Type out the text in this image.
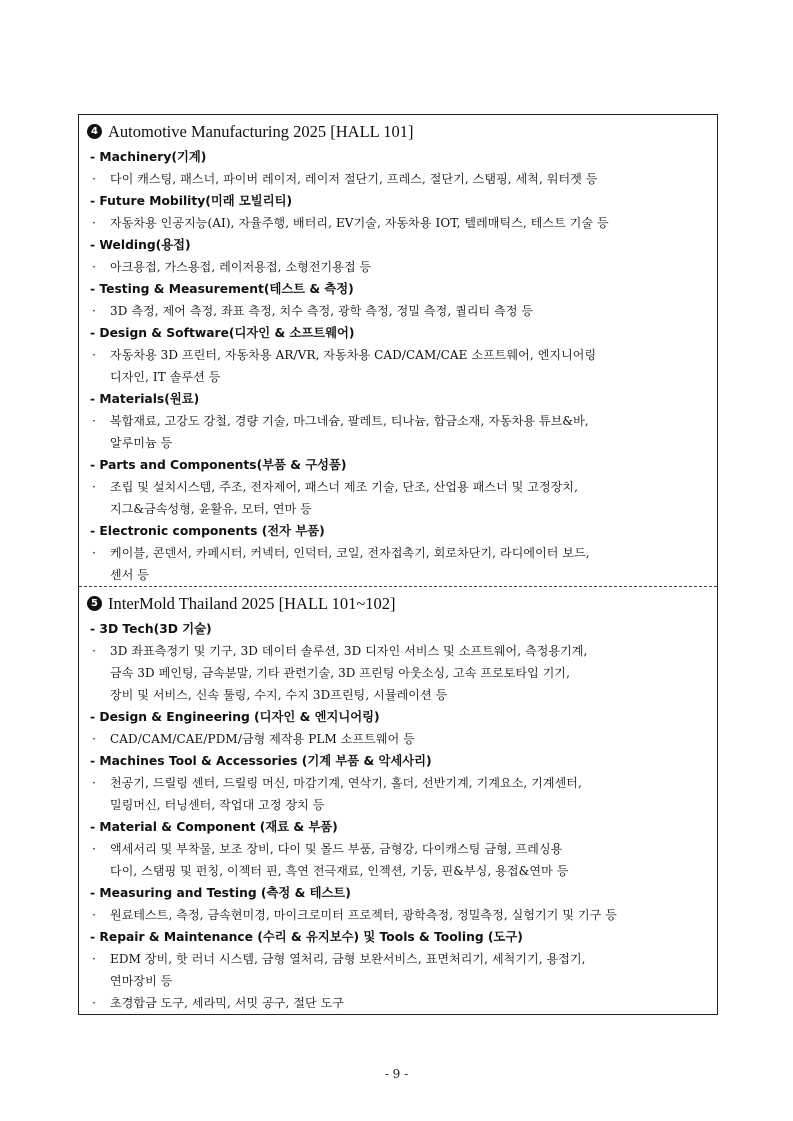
4 Automotive Manufacturing 2025 [HALL 101]
- Machinery(기계)
·	다이 캐스팅, 패스너, 파이버 레이저, 레이저 절단기, 프레스, 절단기, 스탬핑, 세척, 워터젯 등
- Future Mobility(미래 모빌리티)
·	자동차용 인공지능(AI), 자율주행, 배터리, EV기술, 자동차용 IOT, 텔레매틱스, 테스트 기술 등
- Welding(용접)
·	아크용접, 가스용접, 레이저용접, 소형전기용접 등
- Testing & Measurement(테스트 & 측정)
·	3D 측정, 제어 측정, 좌표 측정, 치수 측정, 광학 측정, 정밀 측정, 퀄리티 측정 등
- Design & Software(디자인 & 소프트웨어)
·	자동차용 3D 프린터, 자동차용 AR/VR, 자동차용 CAD/CAM/CAE 소프트웨어, 엔지니어링
디자인, IT 솔루션 등
- Materials(원료)
·	복합재료, 고강도 강철, 경량 기술, 마그네슘, 팔레트, 티나늄, 합금소재, 자동차용 튜브&바,
알루미늄 등
- Parts and Components(부품 & 구성품)
·	조립 및 설치시스템, 주조, 전자제어, 패스너 제조 기술, 단조, 산업용 패스너 및 고정장치,
지그&금속성형, 윤활유, 모터, 연마 등
- Electronic components (전자 부품)
·	케이블, 콘덴서, 카페시터, 커넥터, 인덕터, 코일, 전자접촉기, 회로차단기, 라디에이터 보드,
센서 등
5 InterMold Thailand 2025 [HALL 101~102]
- 3D Tech(3D 기술)
·	3D 좌표측정기 및 기구, 3D 데이터 솔루션, 3D 디자인 서비스 및 소프트웨어, 측정용기계,
금속 3D 페인팅, 금속분말, 기타 관련기술, 3D 프린팅 아웃소싱, 고속 프로토타입 기기,
장비 및 서비스, 신속 툴링, 수지, 수지 3D프린팅, 시뮬레이션 등
- Design & Engineering (디자인 & 엔지니어링)
·	CAD/CAM/CAE/PDM/금형 제작용 PLM 소프트웨어 등
- Machines Tool & Accessories (기계 부품 & 악세사리)
·	천공기, 드릴링 센터, 드릴링 머신, 마감기계, 연삭기, 홀더, 선반기계, 기계요소, 기계센터,
밀링머신, 터닝센터, 작업대 고정 장치 등
- Material & Component (재료 & 부품)
·	액세서리 및 부착물, 보조 장비, 다이 및 몰드 부품, 금형강, 다이캐스팅 금형, 프레싱용
다이, 스탬핑 및 펀칭, 이젝터 핀, 흑연 전극재료, 인젝션, 기둥, 핀&부싱, 용접&연마 등
- Measuring and Testing (측정 & 테스트)
·	원료테스트, 측정, 금속현미경, 마이크로미터 프로젝터, 광학측정, 정밀측정, 실험기기 및 기구 등
- Repair & Maintenance (수리 & 유지보수) 및 Tools & Tooling (도구)
·	EDM 장비, 핫 러너 시스템, 금형 열처리, 금형 보완서비스, 표면처리기, 세척기기, 용접기,
연마장비 등
·	초경합금 도구, 세라믹, 서밋 공구, 절단 도구
- 9 -
